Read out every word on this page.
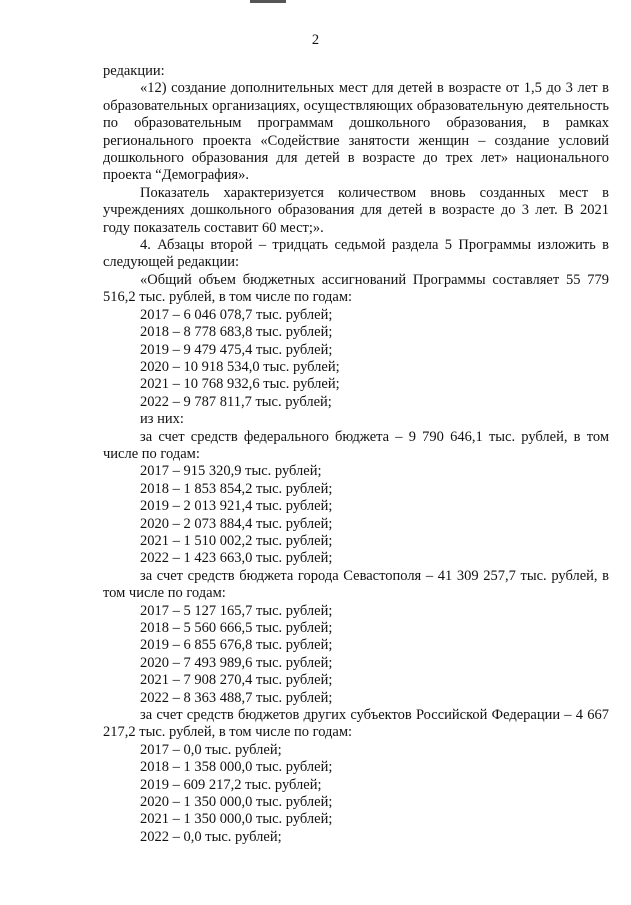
2

редакции:

«12) создание дополнительных мест для детей в возрасте от 1,5 до 3 лет в образовательных организациях, осуществляющих образовательную деятельность по образовательным программам дошкольного образования, в рамках регионального проекта «Содействие занятости женщин – создание условий дошкольного образования для детей в возрасте до трех лет» национального проекта “Демография».

Показатель характеризуется количеством вновь созданных мест в учреждениях дошкольного образования для детей в возрасте до 3 лет. В 2021 году показатель составит 60 мест;».

4. Абзацы второй – тридцать седьмой раздела 5 Программы изложить в следующей редакции:

«Общий объем бюджетных ассигнований Программы составляет 55 779 516,2 тыс. рублей, в том числе по годам:

2017 – 6 046 078,7 тыс. рублей;

2018 – 8 778 683,8 тыс. рублей;

2019 – 9 479 475,4 тыс. рублей;

2020 – 10 918 534,0 тыс. рублей;

2021 – 10 768 932,6 тыс. рублей;

2022 – 9 787 811,7 тыс. рублей;

из них:

за счет средств федерального бюджета – 9 790 646,1 тыс. рублей, в том числе по годам:

2017 – 915 320,9 тыс. рублей;

2018 – 1 853 854,2 тыс. рублей;

2019 – 2 013 921,4 тыс. рублей;

2020 – 2 073 884,4 тыс. рублей;

2021 – 1 510 002,2 тыс. рублей;

2022 – 1 423 663,0 тыс. рублей;

за счет средств бюджета города Севастополя – 41 309 257,7 тыс. рублей, в том числе по годам:

2017 – 5 127 165,7 тыс. рублей;

2018 – 5 560 666,5 тыс. рублей;

2019 – 6 855 676,8 тыс. рублей;

2020 – 7 493 989,6 тыс. рублей;

2021 – 7 908 270,4 тыс. рублей;

2022 – 8 363 488,7 тыс. рублей;

за счет средств бюджетов других субъектов Российской Федерации – 4 667 217,2 тыс. рублей, в том числе по годам:

2017 – 0,0 тыс. рублей;

2018 – 1 358 000,0 тыс. рублей;

2019 – 609 217,2 тыс. рублей;

2020 – 1 350 000,0 тыс. рублей;

2021 – 1 350 000,0 тыс. рублей;

2022 – 0,0 тыс. рублей;
